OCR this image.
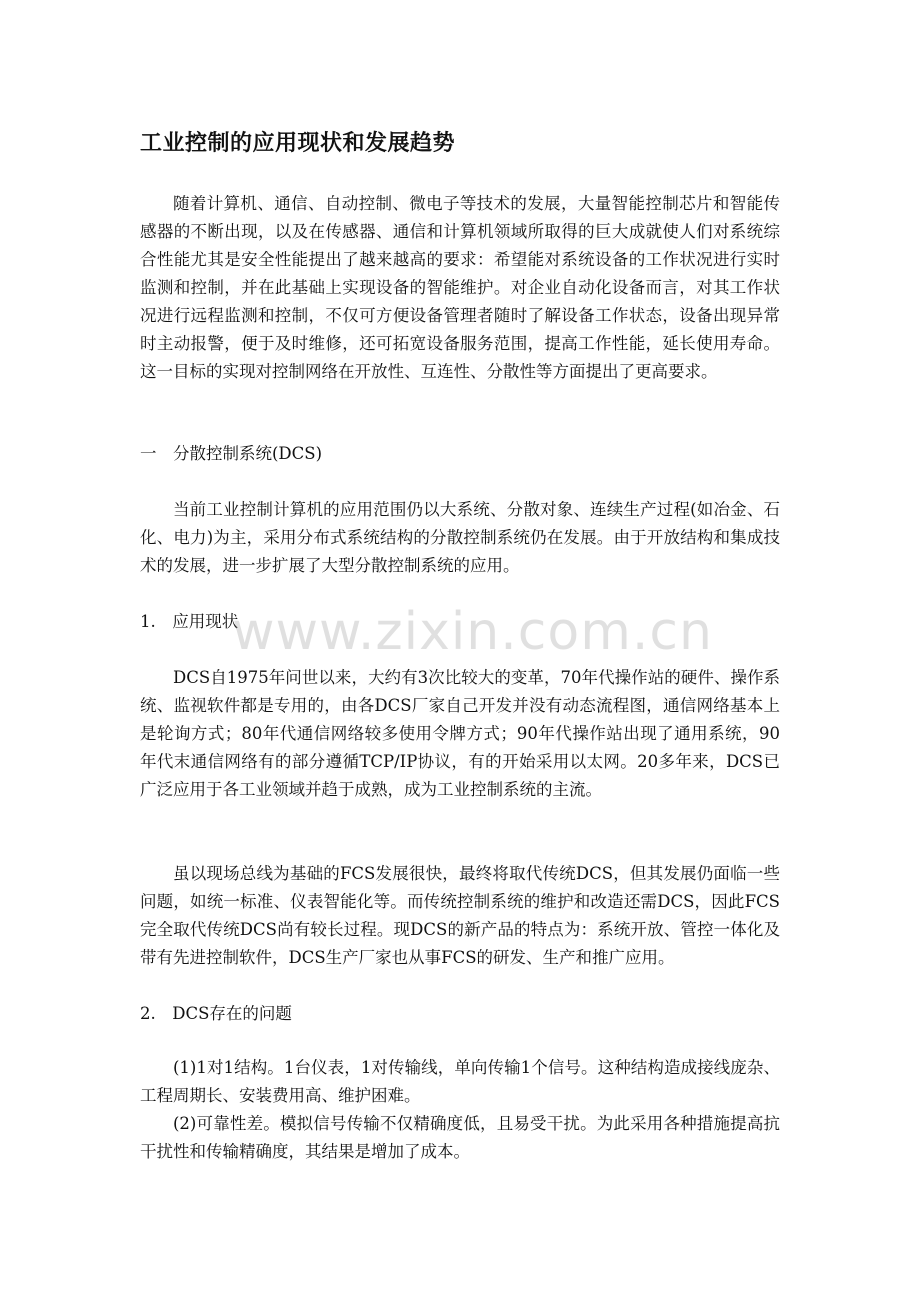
工业控制的应用现状和发展趋势

随着计算机、通信、自动控制、微电子等技术的发展，大量智能控制芯片和智能传感器的不断出现，以及在传感器、通信和计算机领域所取得的巨大成就使人们对系统综合性能尤其是安全性能提出了越来越高的要求：希望能对系统设备的工作状况进行实时监测和控制，并在此基础上实现设备的智能维护。对企业自动化设备而言，对其工作状况进行远程监测和控制，不仅可方便设备管理者随时了解设备工作状态，设备出现异常时主动报警，便于及时维修，还可拓宽设备服务范围，提高工作性能，延长使用寿命。这一目标的实现对控制网络在开放性、互连性、分散性等方面提出了更高要求。

一　分散控制系统(DCS)

当前工业控制计算机的应用范围仍以大系统、分散对象、连续生产过程(如冶金、石化、电力)为主，采用分布式系统结构的分散控制系统仍在发展。由于开放结构和集成技术的发展，进一步扩展了大型分散控制系统的应用。

1.　应用现状

DCS自1975年问世以来，大约有3次比较大的变革，70年代操作站的硬件、操作系统、监视软件都是专用的，由各DCS厂家自己开发并没有动态流程图，通信网络基本上是轮询方式；80年代通信网络较多使用令牌方式；90年代操作站出现了通用系统，90年代末通信网络有的部分遵循TCP/IP协议，有的开始采用以太网。20多年来，DCS已广泛应用于各工业领域并趋于成熟，成为工业控制系统的主流。

虽以现场总线为基础的FCS发展很快，最终将取代传统DCS，但其发展仍面临一些问题，如统一标准、仪表智能化等。而传统控制系统的维护和改造还需DCS，因此FCS完全取代传统DCS尚有较长过程。现DCS的新产品的特点为：系统开放、管控一体化及带有先进控制软件，DCS生产厂家也从事FCS的研发、生产和推广应用。

2.　DCS存在的问题

(1)1对1结构。1台仪表，1对传输线，单向传输1个信号。这种结构造成接线庞杂、工程周期长、安装费用高、维护困难。

(2)可靠性差。模拟信号传输不仅精确度低，且易受干扰。为此采用各种措施提高抗干扰性和传输精确度，其结果是增加了成本。

www.zixin.com.cn
